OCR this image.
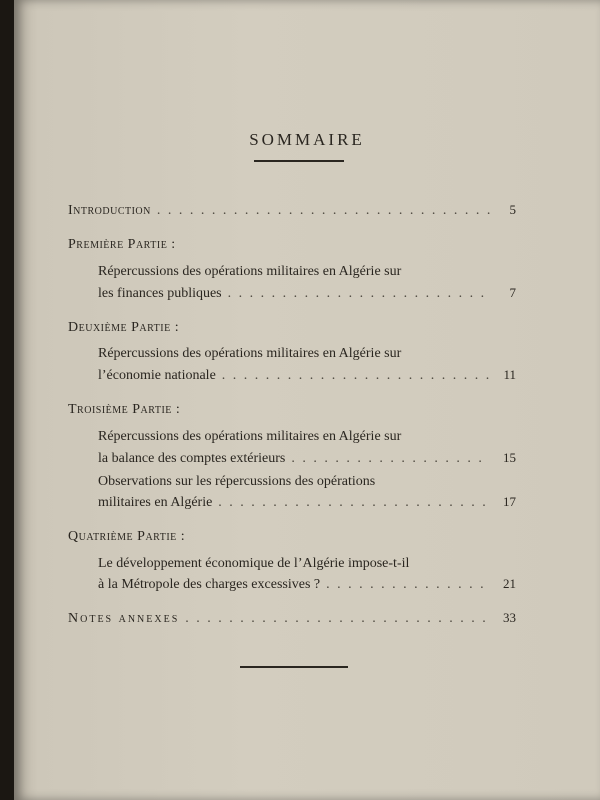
SOMMAIRE
Introduction . . .	5
Première Partie :
Répercussions des opérations militaires en Algérie sur
les finances publiques . . .	7
Deuxième Partie :
Répercussions des opérations militaires en Algérie sur
l’économie nationale . . .	11
Troisième Partie :
Répercussions des opérations militaires en Algérie sur
la balance des comptes extérieurs . . .	15
Observations sur les répercussions des opérations
militaires en Algérie . . .	17
Quatrième Partie :
Le développement économique de l’Algérie impose-t-il
à la Métropole des charges excessives ? . . .	21
Notes annexes . . .	33
